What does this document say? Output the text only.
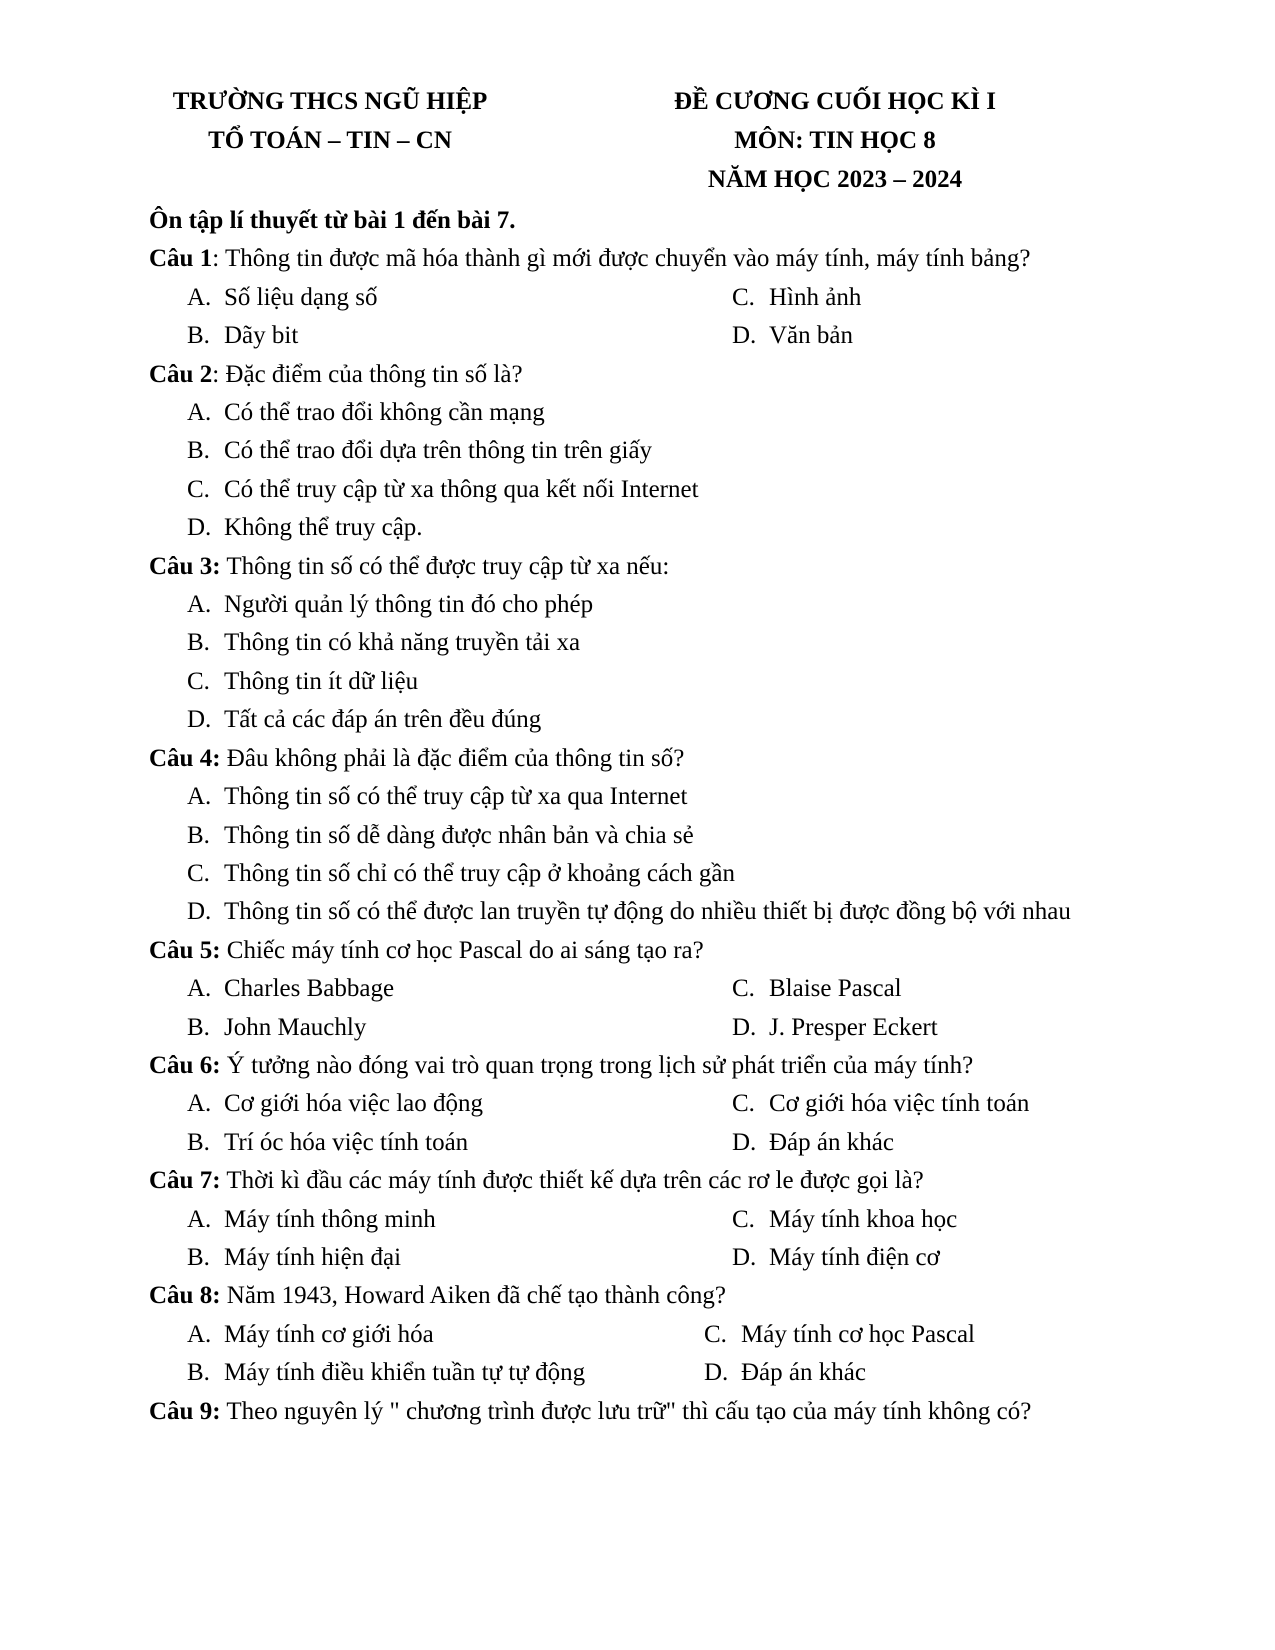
TRƯỜNG THCS NGŨ HIỆP
TỔ TOÁN – TIN – CN
ĐỀ CƯƠNG CUỐI HỌC KÌ I
MÔN: TIN HỌC 8
NĂM HỌC 2023 – 2024
Ôn tập lí thuyết từ bài 1 đến bài 7.
Câu 1: Thông tin được mã hóa thành gì mới được chuyển vào máy tính, máy tính bảng?
A. Số liệu dạng số	C. Hình ảnh
B. Dãy bit	D. Văn bản
Câu 2: Đặc điểm của thông tin số là?
A. Có thể trao đổi không cần mạng
B. Có thể trao đổi dựa trên thông tin trên giấy
C. Có thể truy cập từ xa thông qua kết nối Internet
D. Không thể truy cập.
Câu 3: Thông tin số có thể được truy cập từ xa nếu:
A. Người quản lý thông tin đó cho phép
B. Thông tin có khả năng truyền tải xa
C. Thông tin ít dữ liệu
D. Tất cả các đáp án trên đều đúng
Câu 4: Đâu không phải là đặc điểm của thông tin số?
A. Thông tin số có thể truy cập từ xa qua Internet
B. Thông tin số dễ dàng được nhân bản và chia sẻ
C. Thông tin số chỉ có thể truy cập ở khoảng cách gần
D. Thông tin số có thể được lan truyền tự động do nhiều thiết bị được đồng bộ với nhau
Câu 5: Chiếc máy tính cơ học Pascal do ai sáng tạo ra?
A. Charles Babbage	C. Blaise Pascal
B. John Mauchly	D. J. Presper Eckert
Câu 6: Ý tưởng nào đóng vai trò quan trọng trong lịch sử phát triển của máy tính?
A. Cơ giới hóa việc lao động	C. Cơ giới hóa việc tính toán
B. Trí óc hóa việc tính toán	D. Đáp án khác
Câu 7: Thời kì đầu các máy tính được thiết kế dựa trên các rơ le được gọi là?
A. Máy tính thông minh	C. Máy tính khoa học
B. Máy tính hiện đại	D. Máy tính điện cơ
Câu 8: Năm 1943, Howard Aiken đã chế tạo thành công?
A. Máy tính cơ giới hóa	C. Máy tính cơ học Pascal
B. Máy tính điều khiển tuần tự tự động	D. Đáp án khác
Câu 9: Theo nguyên lý " chương trình được lưu trữ" thì cấu tạo của máy tính không có?
